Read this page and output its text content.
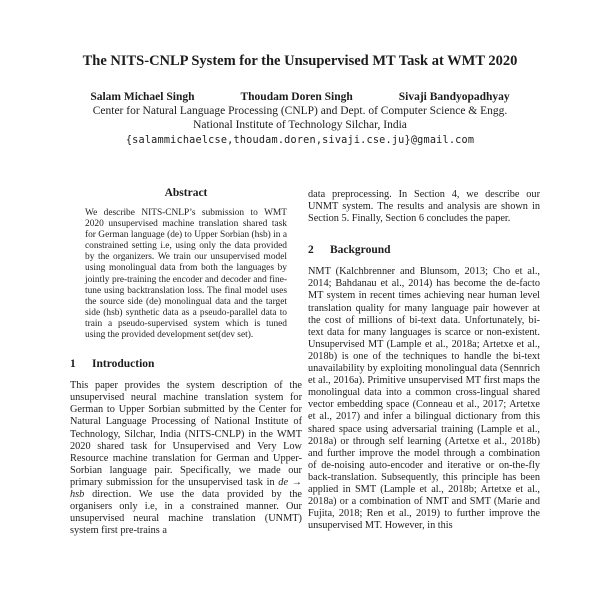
The NITS-CNLP System for the Unsupervised MT Task at WMT 2020
Salam Michael Singh	Thoudam Doren Singh	Sivaji Bandyopadhyay
Center for Natural Language Processing (CNLP) and Dept. of Computer Science & Engg.
National Institute of Technology Silchar, India
{salammichaelcse,thoudam.doren,sivaji.cse.ju}@gmail.com
Abstract

We describe NITS-CNLP’s submission to WMT 2020 unsupervised machine translation shared task for German language (de) to Upper Sorbian (hsb) in a constrained setting i.e, using only the data provided by the organizers. We train our unsupervised model using monolingual data from both the languages by jointly pre-training the encoder and decoder and fine-tune using backtranslation loss. The final model uses the source side (de) monolingual data and the target side (hsb) synthetic data as a pseudo-parallel data to train a pseudo-supervised system which is tuned using the provided development set(dev set).

1	Introduction

This paper provides the system description of the unsupervised neural machine translation system for German to Upper Sorbian submitted by the Center for Natural Language Processing of National Institute of Technology, Silchar, India (NITS-CNLP) in the WMT 2020 shared task for Unsupervised and Very Low Resource machine translation for German and Upper-Sorbian language pair. Specifically, we made our primary submission for the unsupervised task in de → hsb direction. We use the data provided by the organisers only i.e, in a constrained manner. Our unsupervised neural machine translation (UNMT) system first pre-trains a

data preprocessing. In Section 4, we describe our UNMT system. The results and analysis are shown in Section 5. Finally, Section 6 concludes the paper.

2	Background

NMT (Kalchbrenner and Blunsom, 2013; Cho et al., 2014; Bahdanau et al., 2014) has become the de-facto MT system in recent times achieving near human level translation quality for many language pair however at the cost of millions of bi-text data. Unfortunately, bi-text data for many languages is scarce or non-existent. Unsupervised MT (Lample et al., 2018a; Artetxe et al., 2018b) is one of the techniques to handle the bi-text unavailability by exploiting monolingual data (Sennrich et al., 2016a). Primitive unsupervised MT first maps the monolingual data into a common cross-lingual shared vector embedding space (Conneau et al., 2017; Artetxe et al., 2017) and infer a bilingual dictionary from this shared space using adversarial training (Lample et al., 2018a) or through self learning (Artetxe et al., 2018b) and further improve the model through a combination of de-noising auto-encoder and iterative or on-the-fly back-translation. Subsequently, this principle has been applied in SMT (Lample et al., 2018b; Artetxe et al., 2018a) or a combination of NMT and SMT (Marie and Fujita, 2018; Ren et al., 2019) to further improve the unsupervised MT. However, in this
